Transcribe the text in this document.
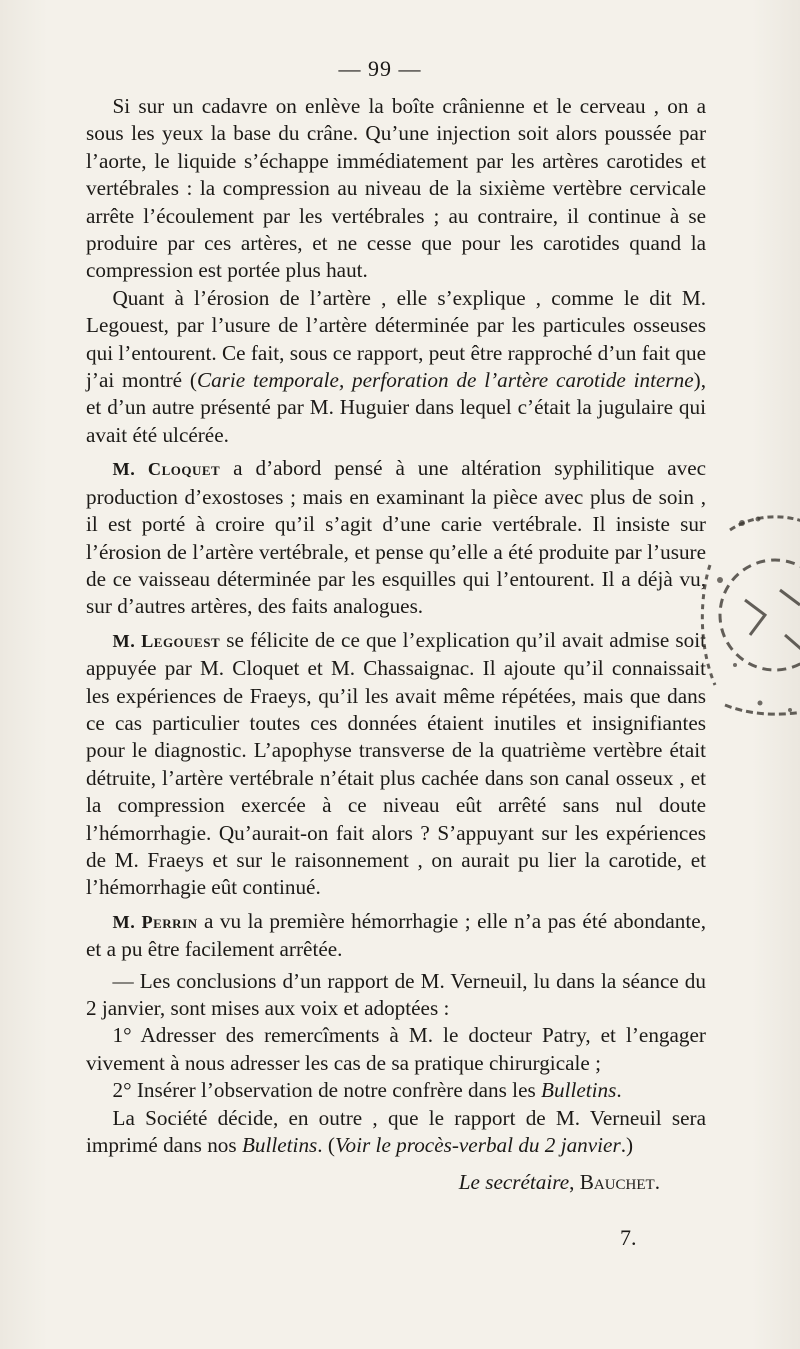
— 99 —

Si sur un cadavre on enlève la boîte crânienne et le cerveau , on a sous les yeux la base du crâne. Qu’une injection soit alors poussée par l’aorte, le liquide s’échappe immédiatement par les artères carotides et vertébrales : la compression au niveau de la sixième vertèbre cervicale arrête l’écoulement par les vertébrales ; au contraire, il continue à se produire par ces artères, et ne cesse que pour les carotides quand la compression est portée plus haut.

Quant à l’érosion de l’artère , elle s’explique , comme le dit M. Legouest, par l’usure de l’artère déterminée par les particules osseuses qui l’entourent. Ce fait, sous ce rapport, peut être rapproché d’un fait que j’ai montré (Carie temporale, perforation de l’artère carotide interne), et d’un autre présenté par M. Huguier dans lequel c’était la jugulaire qui avait été ulcérée.

M. Cloquet a d’abord pensé à une altération syphilitique avec production d’exostoses ; mais en examinant la pièce avec plus de soin , il est porté à croire qu’il s’agit d’une carie vertébrale. Il insiste sur l’érosion de l’artère vertébrale, et pense qu’elle a été produite par l’usure de ce vaisseau déterminée par les esquilles qui l’entourent. Il a déjà vu, sur d’autres artères, des faits analogues.

M. Legouest se félicite de ce que l’explication qu’il avait admise soit appuyée par M. Cloquet et M. Chassaignac. Il ajoute qu’il connaissait les expériences de Fraeys, qu’il les avait même répétées, mais que dans ce cas particulier toutes ces données étaient inutiles et insignifiantes pour le diagnostic. L’apophyse transverse de la quatrième vertèbre était détruite, l’artère vertébrale n’était plus cachée dans son canal osseux , et la compression exercée à ce niveau eût arrêté sans nul doute l’hémorrhagie. Qu’aurait-on fait alors ? S’appuyant sur les expériences de M. Fraeys et sur le raisonnement , on aurait pu lier la carotide, et l’hémorrhagie eût continué.

M. Perrin a vu la première hémorrhagie ; elle n’a pas été abondante, et a pu être facilement arrêtée.

— Les conclusions d’un rapport de M. Verneuil, lu dans la séance du 2 janvier, sont mises aux voix et adoptées :

1° Adresser des remercîments à M. le docteur Patry, et l’engager vivement à nous adresser les cas de sa pratique chirurgicale ;

2° Insérer l’observation de notre confrère dans les Bulletins.

La Société décide, en outre , que le rapport de M. Verneuil sera imprimé dans nos Bulletins. (Voir le procès-verbal du 2 janvier.)

Le secrétaire, Bauchet.
7.
